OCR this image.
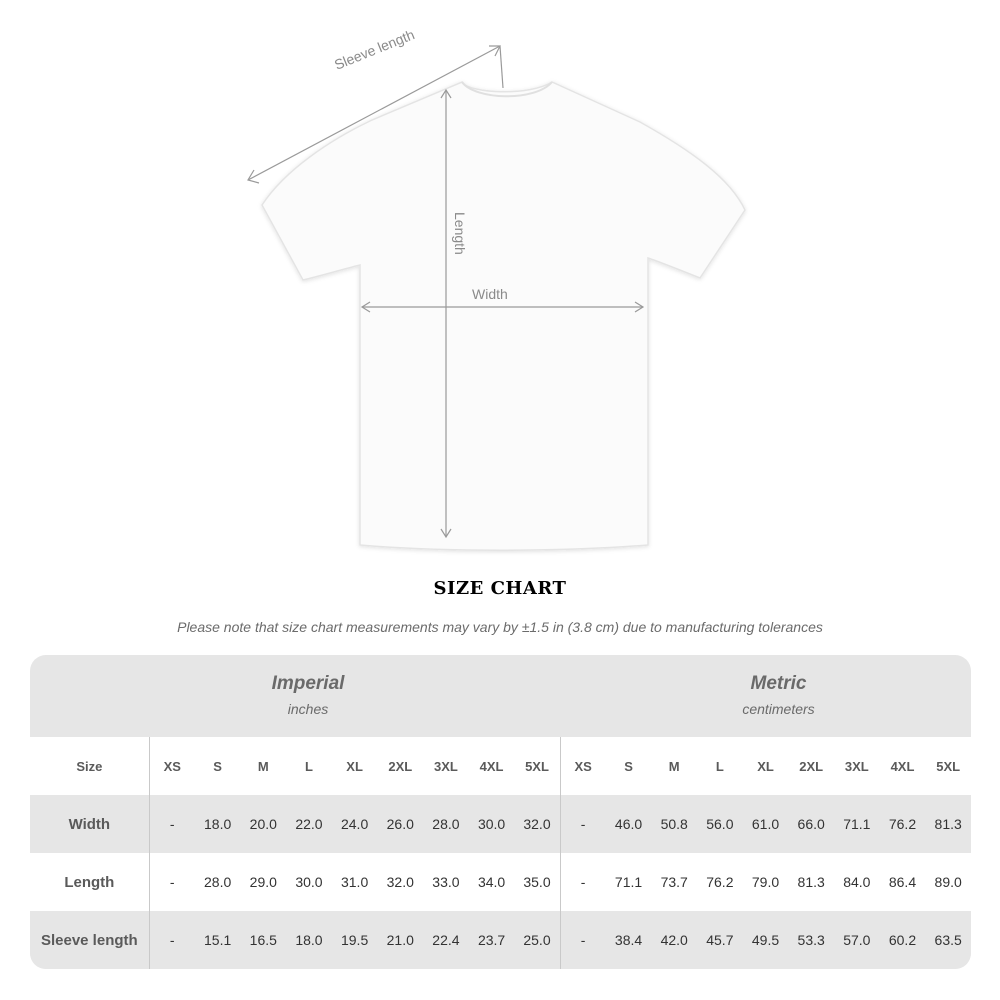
Sleeve length
Length
Width
SIZE CHART
Please note that size chart measurements may vary by ±1.5 in (3.8 cm) due to manufacturing tolerances
Imperial
inches
Metric
centimeters
Size	XS	S	M	L	XL	2XL	3XL	4XL	5XL	XS	S	M	L	XL	2XL	3XL	4XL	5XL
Width	-	18.0	20.0	22.0	24.0	26.0	28.0	30.0	32.0	-	46.0	50.8	56.0	61.0	66.0	71.1	76.2	81.3
Length	-	28.0	29.0	30.0	31.0	32.0	33.0	34.0	35.0	-	71.1	73.7	76.2	79.0	81.3	84.0	86.4	89.0
Sleeve length	-	15.1	16.5	18.0	19.5	21.0	22.4	23.7	25.0	-	38.4	42.0	45.7	49.5	53.3	57.0	60.2	63.5
